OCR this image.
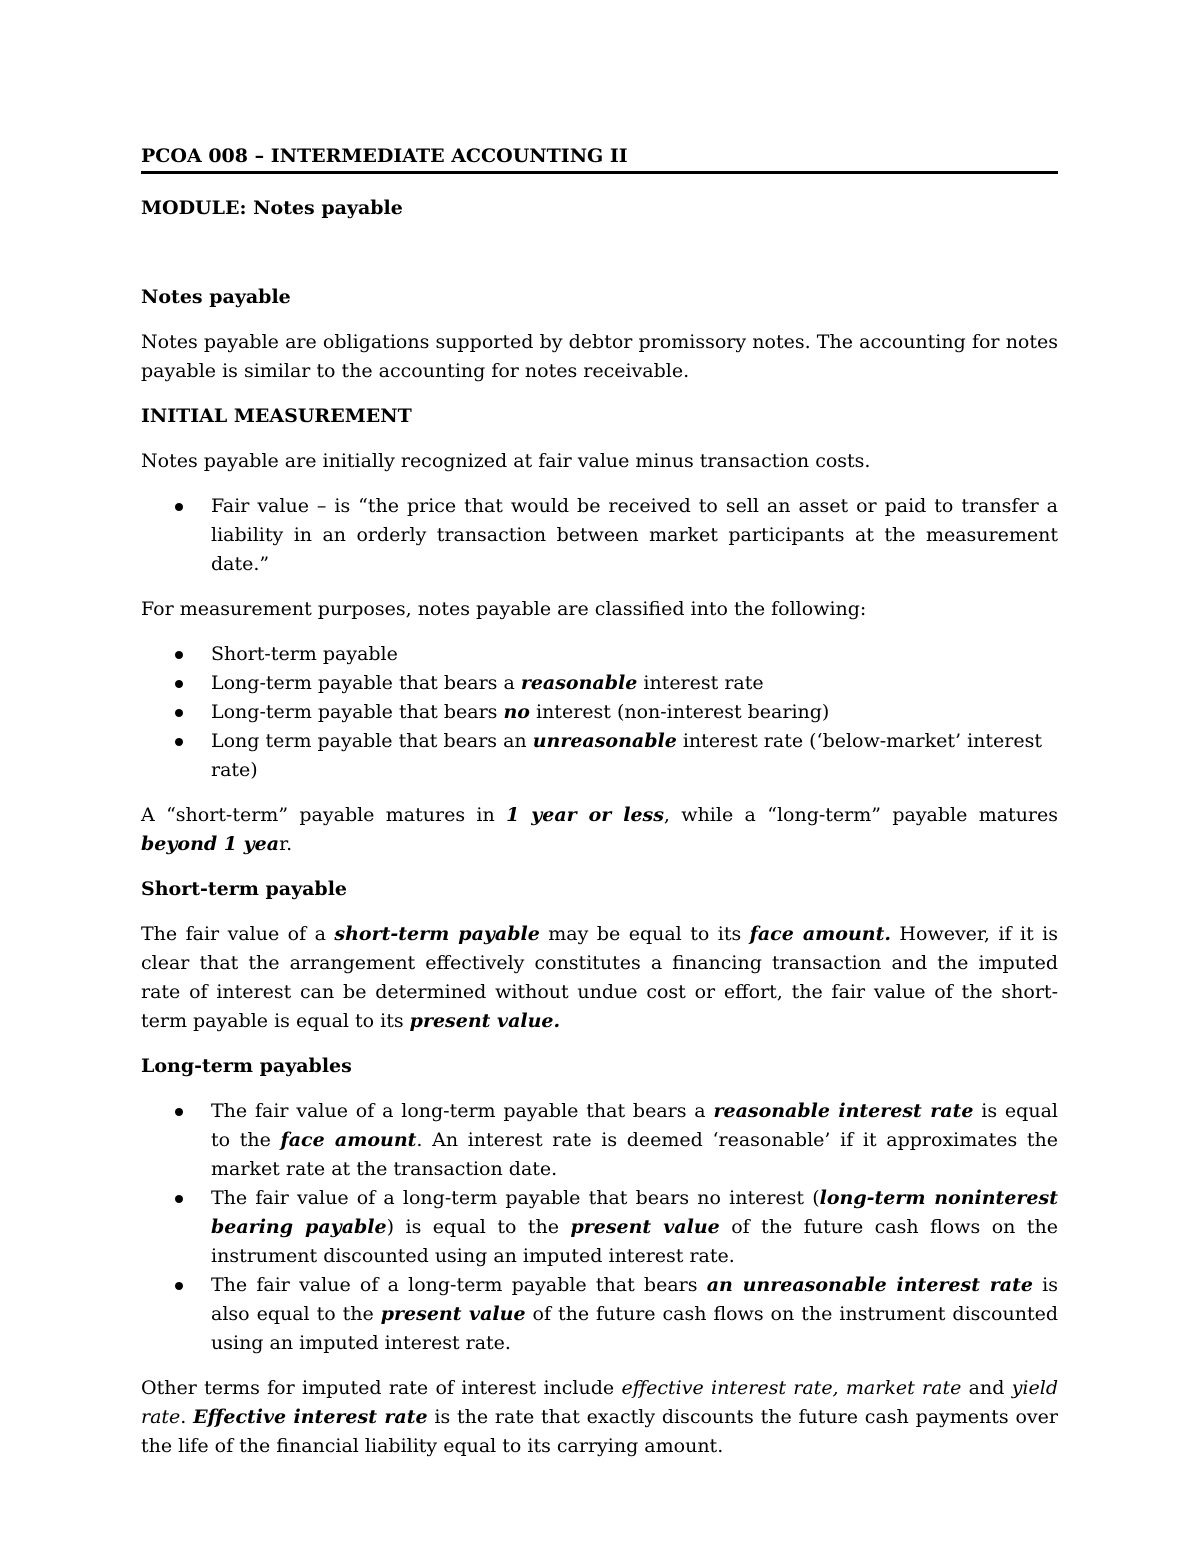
PCOA 008 – INTERMEDIATE ACCOUNTING II

MODULE: Notes payable

Notes payable

Notes payable are obligations supported by debtor promissory notes. The accounting for notes payable is similar to the accounting for notes receivable.

INITIAL MEASUREMENT

Notes payable are initially recognized at fair value minus transaction costs.

Fair value – is “the price that would be received to sell an asset or paid to transfer a liability in an orderly transaction between market participants at the measurement date.”

For measurement purposes, notes payable are classified into the following:

Short-term payable
Long-term payable that bears a reasonable interest rate
Long-term payable that bears no interest (non-interest bearing)
Long term payable that bears an unreasonable interest rate (‘below-market’ interest rate)

A “short-term” payable matures in 1 year or less, while a “long-term” payable matures beyond 1 year.

Short-term payable

The fair value of a short-term payable may be equal to its face amount. However, if it is clear that the arrangement effectively constitutes a financing transaction and the imputed rate of interest can be determined without undue cost or effort, the fair value of the short-term payable is equal to its present value.

Long-term payables

The fair value of a long-term payable that bears a reasonable interest rate is equal to the face amount. An interest rate is deemed ‘reasonable’ if it approximates the market rate at the transaction date.
The fair value of a long-term payable that bears no interest (long-term noninterest bearing payable) is equal to the present value of the future cash flows on the instrument discounted using an imputed interest rate.
The fair value of a long-term payable that bears an unreasonable interest rate is also equal to the present value of the future cash flows on the instrument discounted using an imputed interest rate.

Other terms for imputed rate of interest include effective interest rate, market rate and yield rate. Effective interest rate is the rate that exactly discounts the future cash payments over the life of the financial liability equal to its carrying amount.
